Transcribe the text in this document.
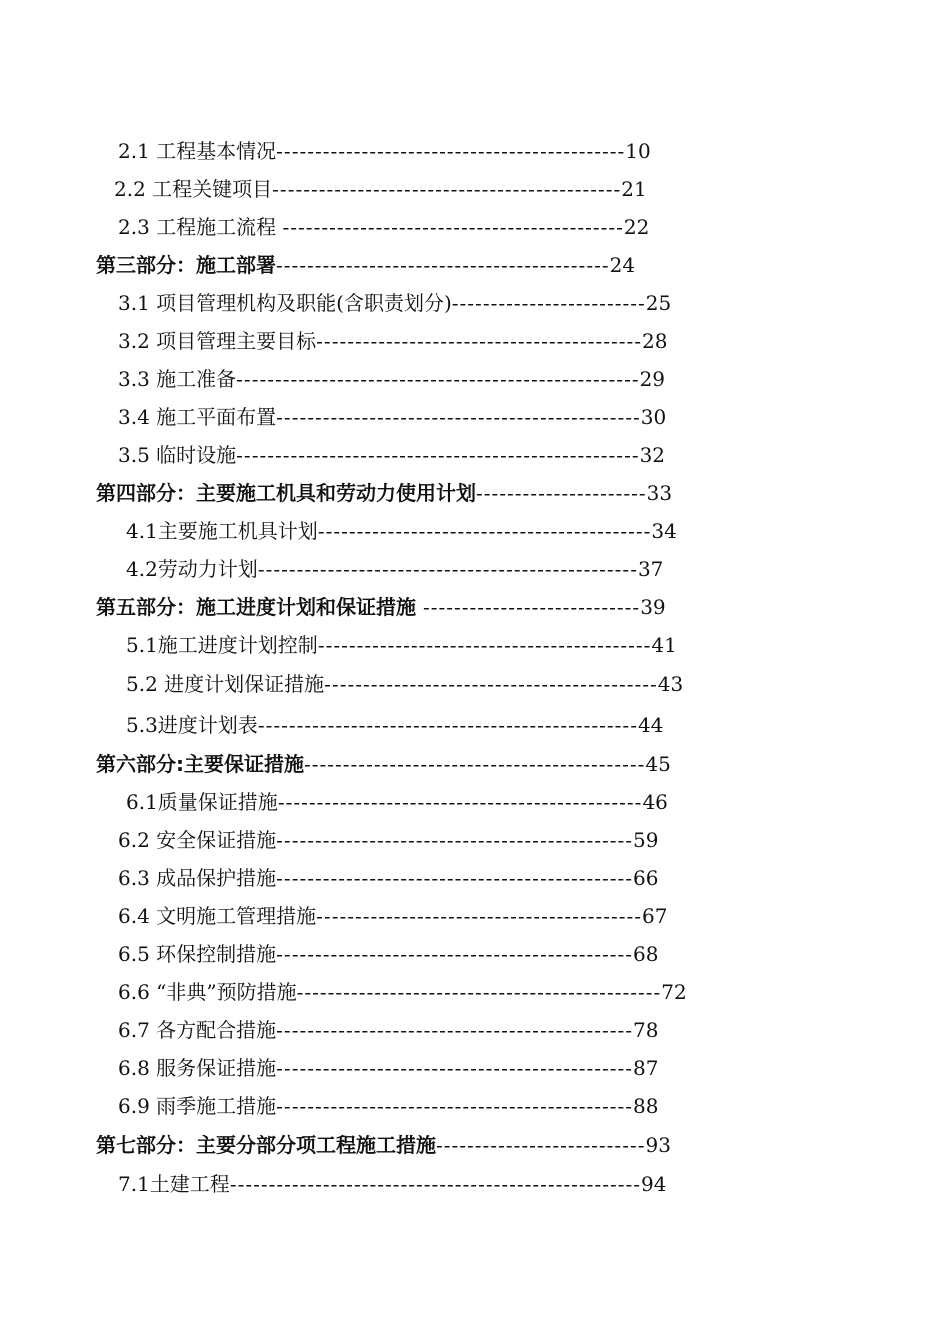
2.1 工程基本情况---------------------------------------------10
2.2 工程关键项目---------------------------------------------21
2.3 工程施工流程 --------------------------------------------22
第三部分：施工部署-------------------------------------------24
3.1 项目管理机构及职能(含职责划分)-------------------------25
3.2 项目管理主要目标------------------------------------------28
3.3 施工准备----------------------------------------------------29
3.4 施工平面布置-----------------------------------------------30
3.5 临时设施----------------------------------------------------32
第四部分：主要施工机具和劳动力使用计划----------------------33
4.1主要施工机具计划-------------------------------------------34
4.2劳动力计划-------------------------------------------------37
第五部分：施工进度计划和保证措施 ----------------------------39
5.1施工进度计划控制-------------------------------------------41
5.2 进度计划保证措施-------------------------------------------43
5.3进度计划表-------------------------------------------------44
第六部分:主要保证措施--------------------------------------------45
6.1质量保证措施-----------------------------------------------46
6.2 安全保证措施----------------------------------------------59
6.3 成品保护措施----------------------------------------------66
6.4 文明施工管理措施------------------------------------------67
6.5 环保控制措施----------------------------------------------68
6.6 “非典”预防措施-----------------------------------------------72
6.7 各方配合措施----------------------------------------------78
6.8 服务保证措施----------------------------------------------87
6.9 雨季施工措施----------------------------------------------88
第七部分：主要分部分项工程施工措施---------------------------93
7.1土建工程-----------------------------------------------------94
